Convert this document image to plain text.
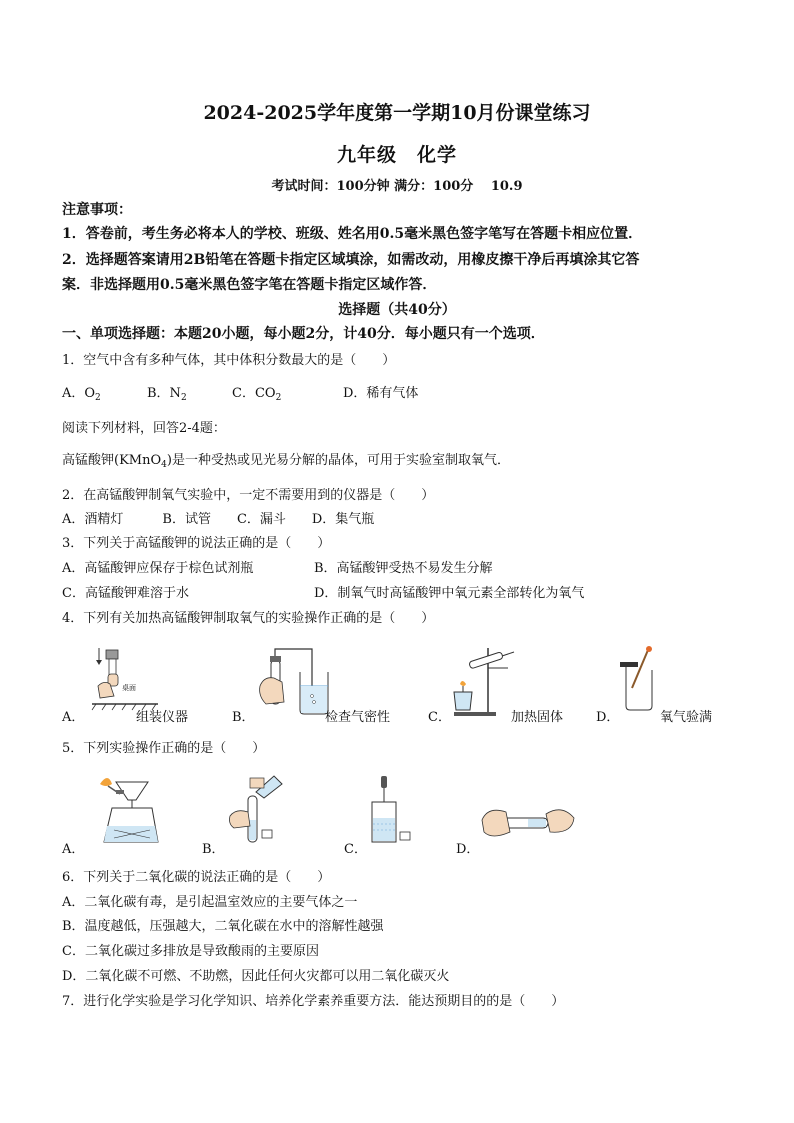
2024-2025学年度第一学期10月份课堂练习
九年级　化学
考试时间：100分钟 满分：100分　 10.9
注意事项：
1．答卷前，考生务必将本人的学校、班级、姓名用0.5毫米黑色签字笔写在答题卡相应位置．
2．选择题答案请用2B铅笔在答题卡指定区域填涂，如需改动，用橡皮擦干净后再填涂其它答
案．非选择题用0.5毫米黑色签字笔在答题卡指定区域作答．
选择题（共40分）
一、单项选择题：本题20小题，每小题2分，计40分．每小题只有一个选项．
1．空气中含有多种气体，其中体积分数最大的是（　　）
A．$O_2$	B．$N_2$	C．$CO_2$	D．稀有气体
阅读下列材料，回答2-4题：
高锰酸钾(KMnO$_4$)是一种受热或见光易分解的晶体，可用于实验室制取氧气．
2．在高锰酸钾制氧气实验中，一定不需要用到的仪器是（　　）
A．酒精灯　　　B．试管　　C．漏斗　　D．集气瓶
3．下列关于高锰酸钾的说法正确的是（　　）
A．高锰酸钾应保存于棕色试剂瓶	B．高锰酸钾受热不易发生分解
C．高锰酸钾难溶于水	D．制氧气时高锰酸钾中氧元素全部转化为氧气
4．下列有关加热高锰酸钾制取氧气的实验操作正确的是（　　）
桌面
A．	组装仪器	B．	检查气密性	C．	加热固体	D．	氧气验满
5．下列实验操作正确的是（　　）
A．	B．	C．	D．
6．下列关于二氧化碳的说法正确的是（　　）
A．二氧化碳有毒，是引起温室效应的主要气体之一
B．温度越低，压强越大，二氧化碳在水中的溶解性越强
C．二氧化碳过多排放是导致酸雨的主要原因
D．二氧化碳不可燃、不助燃，因此任何火灾都可以用二氧化碳灭火
7．进行化学实验是学习化学知识、培养化学素养重要方法．能达预期目的的是（　　）
